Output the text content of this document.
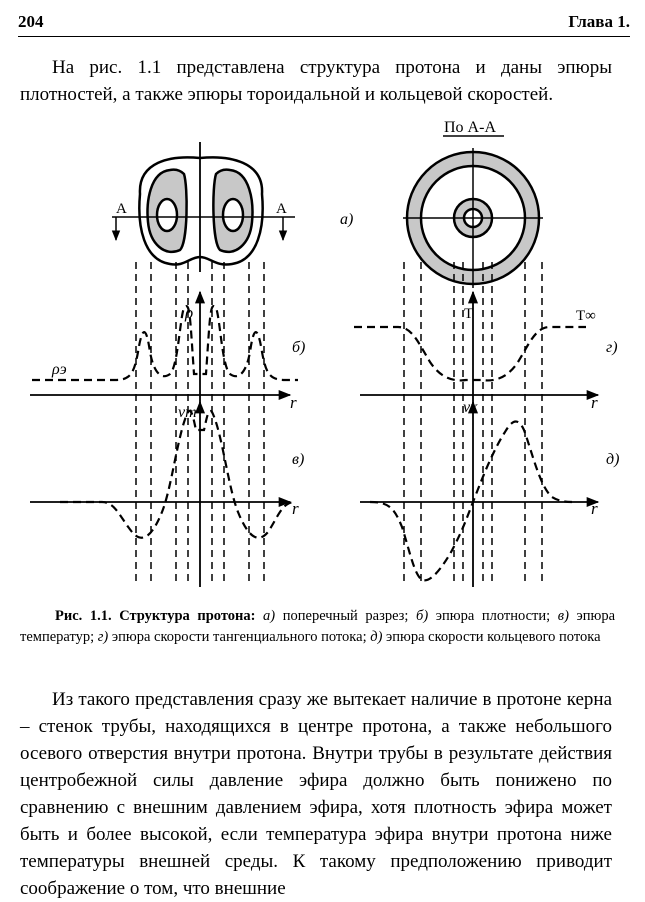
204	Глава 1.
На рис. 1.1 представлена структура протона и даны эпюры плотностей, а также эпюры тороидальной и кольцевой скоростей.
А	А
а)
По А-А
ρ
ρэ
r
б)
vт
r
в)
Т	Т∞
r
г)
vк
r
д)
Рис. 1.1. Структура протона: а) поперечный разрез; б) эпюра плотности; в) эпюра температур; г) эпюра скорости тангенциального потока; д) эпюра скорости кольцевого потока
Из такого представления сразу же вытекает наличие в протоне керна – стенок трубы, находящихся в центре протона, а также небольшого осевого отверстия внутри протона. Внутри трубы в результате действия центробежной силы давление эфира должно быть понижено по сравнению с внешним давлением эфира, хотя плотность эфира может быть и более высокой, если температура эфира внутри протона ниже температуры внешней среды. К такому предположению приводит соображение о том, что внешние
